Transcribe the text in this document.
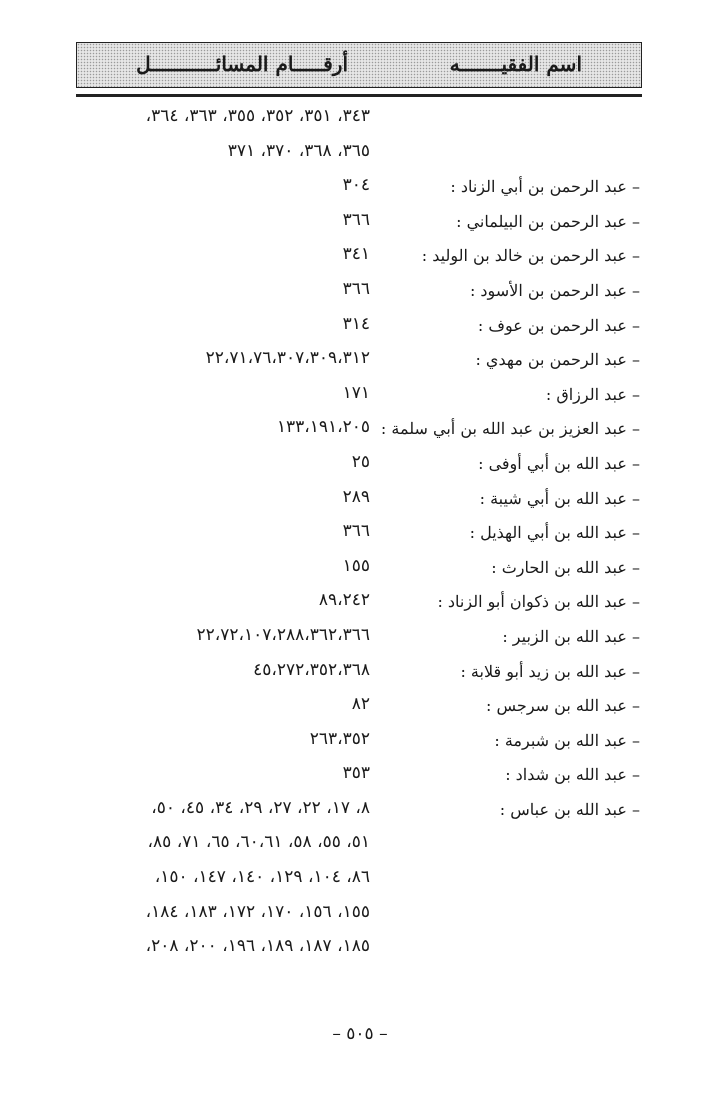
اسم الفقيـــــــه
أرقـــــام المسائـــــــــــل
٣٤٣، ٣٥١، ٣٥٢، ٣٥٥، ٣٦٣، ٣٦٤،
٣٦٥، ٣٦٨، ٣٧٠، ٣٧١
– عبد الرحمن بن أبي الزناد :
٣٠٤
– عبد الرحمن بن البيلماني :
٣٦٦
– عبد الرحمن بن خالد بن الوليد :
٣٤١
– عبد الرحمن بن الأسود :
٣٦٦
– عبد الرحمن بن عوف :
٣١٤
– عبد الرحمن بن مهدي :
٢٢،٧١،٧٦،٣٠٧،٣٠٩،٣١٢
– عبد الرزاق :
١٧١
– عبد العزيز بن عبد الله بن أبي سلمة :
١٣٣،١٩١،٢٠٥
– عبد الله بن أبي أوفى :
٢٥
– عبد الله بن أبي شيبة :
٢٨٩
– عبد الله بن أبي الهذيل :
٣٦٦
– عبد الله بن الحارث :
١٥٥
– عبد الله بن ذكوان أبو الزناد :
٨٩،٢٤٢
– عبد الله بن الزبير :
٢٢،٧٢،١٠٧،٢٨٨،٣٦٢،٣٦٦
– عبد الله بن زيد أبو قلابة :
٤٥،٢٧٢،٣٥٢،٣٦٨
– عبد الله بن سرجس :
٨٢
– عبد الله بن شبرمة :
٢٦٣،٣٥٢
– عبد الله بن شداد :
٣٥٣
– عبد الله بن عباس :
٨، ١٧، ٢٢، ٢٧، ٢٩، ٣٤، ٤٥، ٥٠،
٥١، ٥٥، ٥٨، ٦٠،٦١، ٦٥، ٧١، ٨٥،
٨٦، ١٠٤، ١٢٩، ١٤٠، ١٤٧، ١٥٠،
١٥٥، ١٥٦، ١٧٠، ١٧٢، ١٨٣، ١٨٤،
١٨٥، ١٨٧، ١٨٩، ١٩٦، ٢٠٠، ٢٠٨،
– ٥٠٥ –
